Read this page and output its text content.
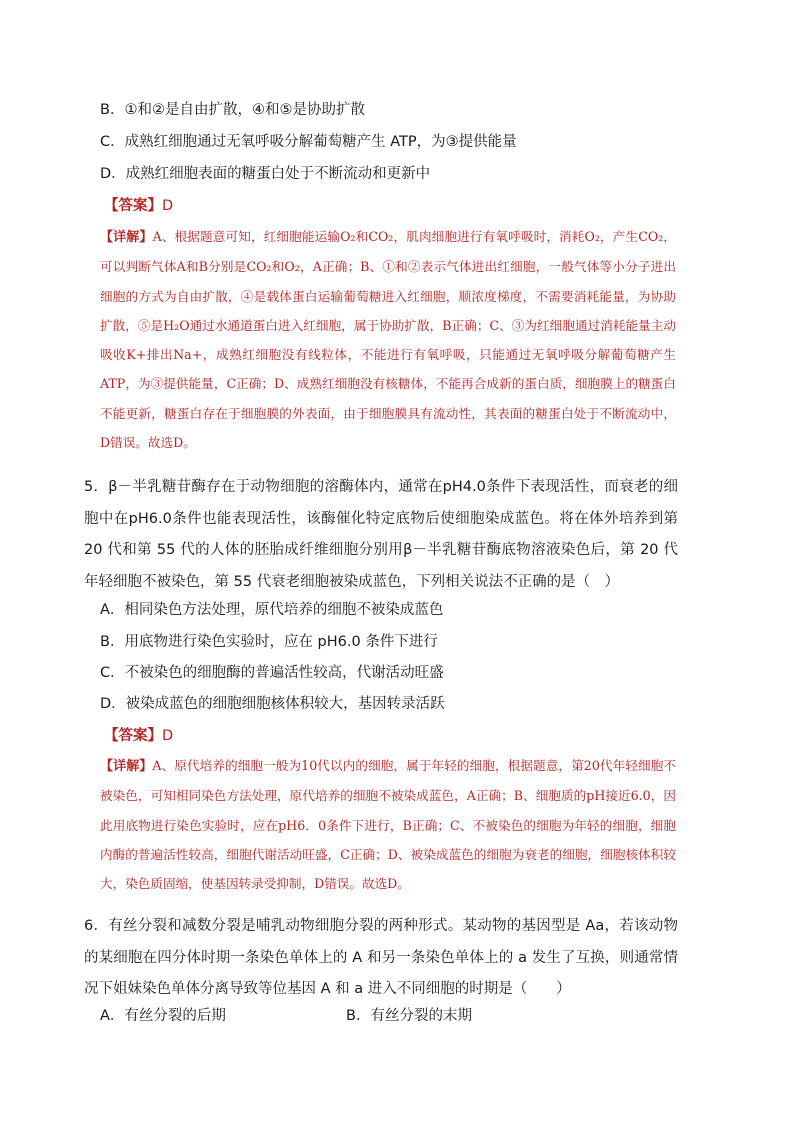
B．①和②是自由扩散，④和⑤是协助扩散
C．成熟红细胞通过无氧呼吸分解葡萄糖产生 ATP，为③提供能量
D．成熟红细胞表面的糖蛋白处于不断流动和更新中
【答案】D
【详解】A、根据题意可知，红细胞能运输O₂和CO₂，肌肉细胞进行有氧呼吸时，消耗O₂，产生CO₂，可以判断气体A和B分别是CO₂和O₂，A正确；B、①和②表示气体进出红细胞，一般气体等小分子进出细胞的方式为自由扩散，④是载体蛋白运输葡萄糖进入红细胞，顺浓度梯度，不需要消耗能量，为协助扩散，⑤是H₂O通过水通道蛋白进入红细胞，属于协助扩散，B正确；C、③为红细胞通过消耗能量主动吸收K+排出Na+，成熟红细胞没有线粒体，不能进行有氧呼吸，只能通过无氧呼吸分解葡萄糖产生ATP，为③提供能量，C正确；D、成熟红细胞没有核糖体，不能再合成新的蛋白质，细胞膜上的糖蛋白不能更新，糖蛋白存在于细胞膜的外表面，由于细胞膜具有流动性，其表面的糖蛋白处于不断流动中，D错误。故选D。
5．β－半乳糖苷酶存在于动物细胞的溶酶体内，通常在pH4.0条件下表现活性，而衰老的细胞中在pH6.0条件也能表现活性，该酶催化特定底物后使细胞染成蓝色。将在体外培养到第 20 代和第 55 代的人体的胚胎成纤维细胞分别用β－半乳糖苷酶底物溶液染色后，第 20 代年轻细胞不被染色，第 55 代衰老细胞被染成蓝色，下列相关说法不正确的是（　）
A．相同染色方法处理，原代培养的细胞不被染成蓝色
B．用底物进行染色实验时，应在 pH6.0 条件下进行
C．不被染色的细胞酶的普遍活性较高，代谢活动旺盛
D．被染成蓝色的细胞细胞核体积较大，基因转录活跃
【答案】D
【详解】A、原代培养的细胞一般为10代以内的细胞，属于年轻的细胞，根据题意，第20代年轻细胞不被染色，可知相同染色方法处理，原代培养的细胞不被染成蓝色，A正确；B、细胞质的pH接近6.0，因此用底物进行染色实验时，应在pH6．0条件下进行，B正确；C、不被染色的细胞为年轻的细胞，细胞内酶的普遍活性较高，细胞代谢活动旺盛，C正确；D、被染成蓝色的细胞为衰老的细胞，细胞核体积较大，染色质固缩，使基因转录受抑制，D错误。故选D。
6．有丝分裂和减数分裂是哺乳动物细胞分裂的两种形式。某动物的基因型是 Aa，若该动物的某细胞在四分体时期一条染色单体上的 A 和另一条染色单体上的 a 发生了互换，则通常情况下姐妹染色单体分离导致等位基因 A 和 a 进入不同细胞的时期是（　　）
A．有丝分裂的后期	B．有丝分裂的末期
